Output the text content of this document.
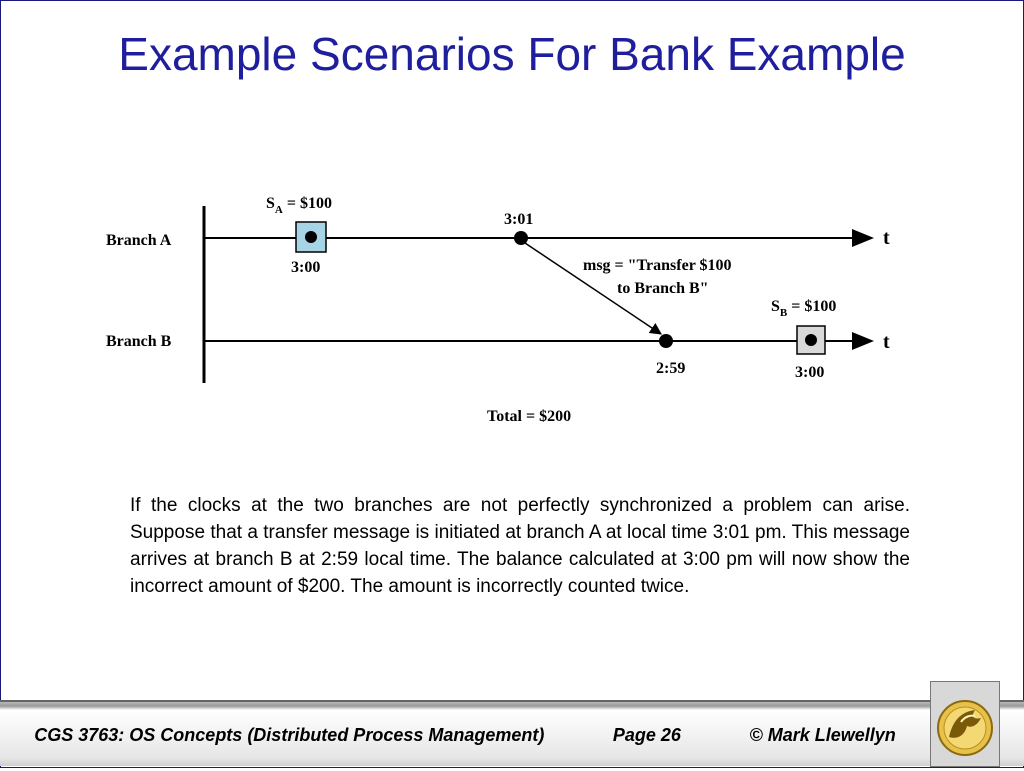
Example Scenarios For Bank Example
Branch A	t
Branch B	t
$S_A$ = $100
3:00
3:01
msg = "Transfer $100
to Branch B"
2:59
$S_B$ = $100
3:00
Total = $200
If the clocks at the two branches are not perfectly synchronized a problem can arise. Suppose that a transfer message is initiated at branch A at local time 3:01 pm. This message arrives at branch B at 2:59 local time. The balance calculated at 3:00 pm will now show the incorrect amount of $200. The amount is incorrectly counted twice.
CGS 3763: OS Concepts (Distributed Process Management)	Page 26	© Mark Llewellyn
